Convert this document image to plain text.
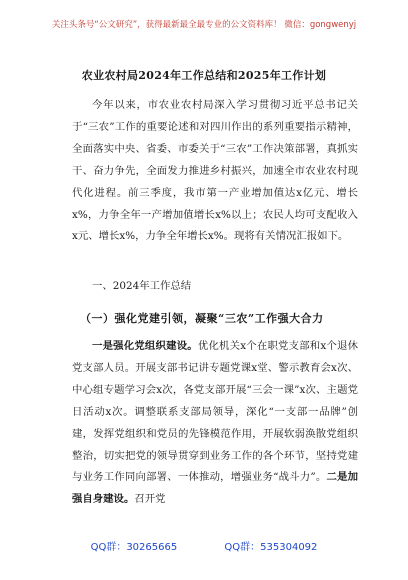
关注头条号“公文研究”，获得最新最全最专业的公文资料库！ 微信：gongwenyj
农业农村局2024年工作总结和2025年工作计划

今年以来，市农业农村局深入学习贯彻习近平总书记关于“三农”工作的重要论述和对四川作出的系列重要指示精神，全面落实中央、省委、市委关于“三农”工作决策部署，真抓实干、奋力争先，全面发力推进乡村振兴，加速全市农业农村现代化进程。前三季度，我市第一产业增加值达x亿元、增长x%，力争全年一产增加值增长x%以上；农民人均可支配收入x元、增长x%，力争全年增长x%。现将有关情况汇报如下。

一、2024年工作总结
（一）强化党建引领，凝聚“三农”工作强大合力

一是强化党组织建设。优化机关x个在职党支部和x个退休党支部人员。开展支部书记讲专题党课x堂、警示教育会x次、中心组专题学习会x次，各党支部开展“三会一课”x次、主题党日活动x次。调整联系支部局领导，深化“一支部一品牌”创建，发挥党组织和党员的先锋模范作用，开展软弱涣散党组织整治，切实把党的领导贯穿到业务工作的各个环节，坚持党建与业务工作同向部署、一体推动，增强业务“战斗力”。二是加强自身建设。召开党

QQ群：30265665	QQ群：535304092
